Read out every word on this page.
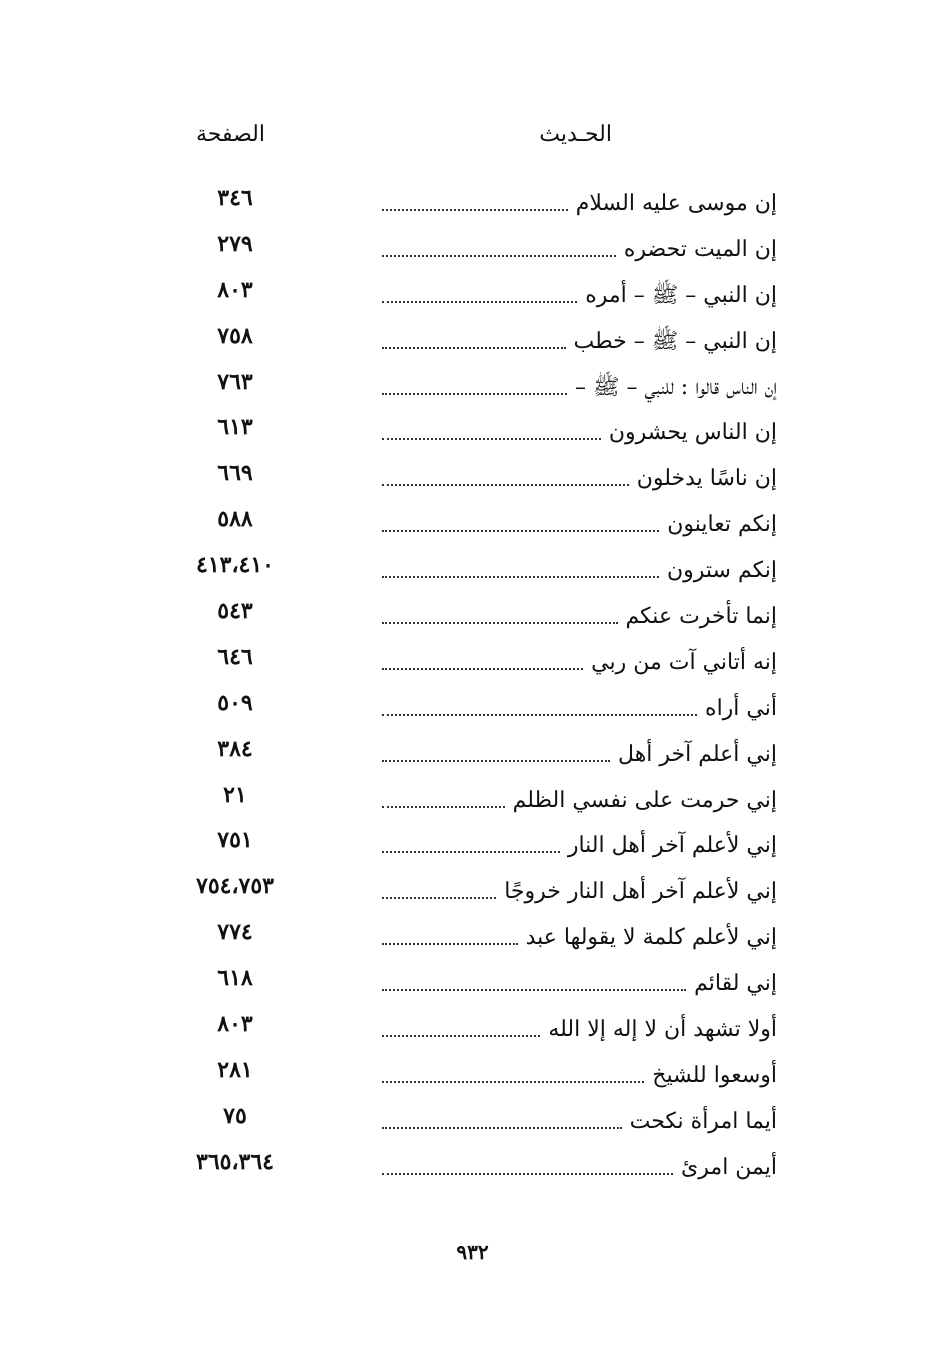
الحـديث
الصفحة
إن موسى عليه السلام
٣٤٦
إن الميت تحضره
٢٧٩
إن النبي – ﷺ – أمره
٨٠٣
إن النبي – ﷺ – خطب
٧٥٨
إن الناس قالوا : للنبي – ﷺ –
٧٦٣
إن الناس يحشرون
٦١٣
إن ناسًا يدخلون
٦٦٩
إنكم تعاينون
٥٨٨
إنكم سترون
٤١٣،٤١٠
إنما تأخرت عنكم
٥٤٣
إنه أتاني آت من ربي
٦٤٦
أني أراه
٥٠٩
إني أعلم آخر أهل
٣٨٤
إني حرمت على نفسي الظلم
٢١
إني لأعلم آخر أهل النار
٧٥١
إني لأعلم آخر أهل النار خروجًا
٧٥٤،٧٥٣
إني لأعلم كلمة لا يقولها عبد
٧٧٤
إني لقائم
٦١٨
أولا تشهد أن لا إله إلا الله
٨٠٣
أوسعوا للشيخ
٢٨١
أيما امرأة نكحت
٧٥
أيمن امرئ
٣٦٥،٣٦٤
٩٣٢
